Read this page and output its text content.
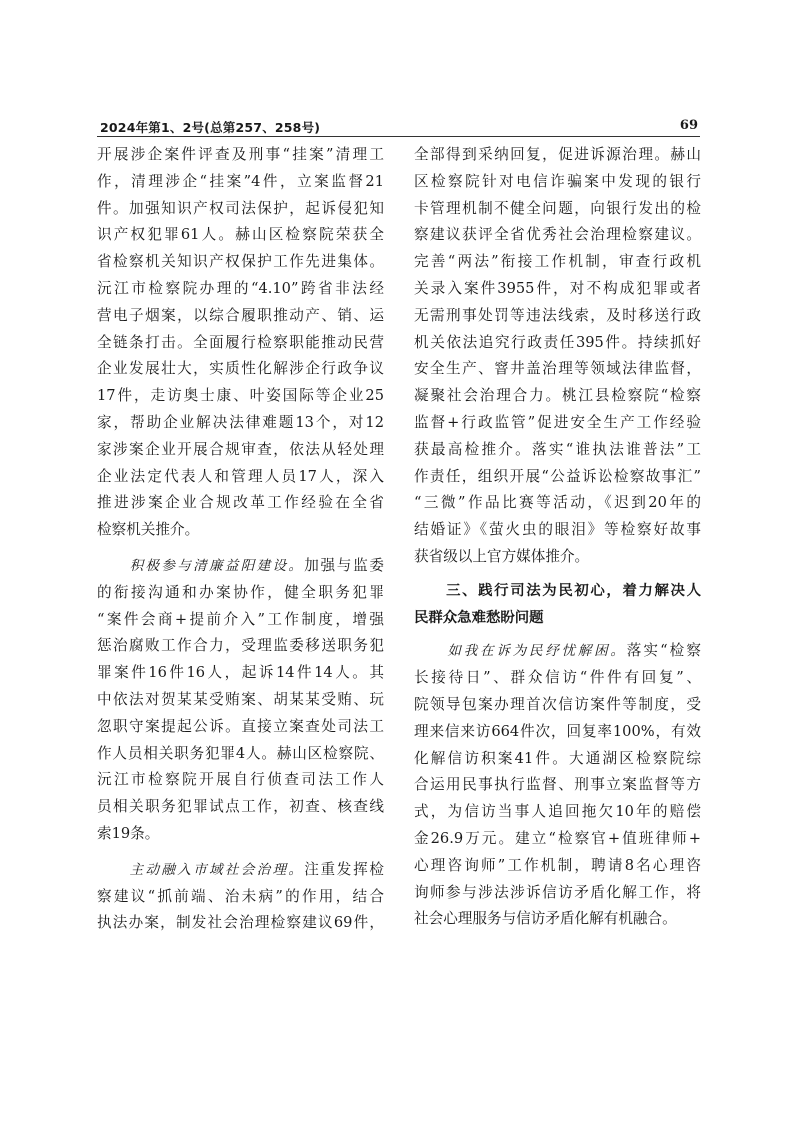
2024年第1、2号(总第257、258号)	69
开展涉企案件评查及刑事“挂案”清理工
作，清理涉企“挂案”4件，立案监督21
件。加强知识产权司法保护，起诉侵犯知
识产权犯罪61人。赫山区检察院荣获全
省检察机关知识产权保护工作先进集体。
沅江市检察院办理的“4.10”跨省非法经
营电子烟案，以综合履职推动产、销、运
全链条打击。全面履行检察职能推动民营
企业发展壮大，实质性化解涉企行政争议
17件，走访奥士康、叶姿国际等企业25
家，帮助企业解决法律难题13个，对12
家涉案企业开展合规审查，依法从轻处理
企业法定代表人和管理人员17人，深入
推进涉案企业合规改革工作经验在全省
检察机关推介。
　　积极参与清廉益阳建设。加强与监委
的衔接沟通和办案协作，健全职务犯罪
“案件会商+提前介入”工作制度，增强
惩治腐败工作合力，受理监委移送职务犯
罪案件16件16人，起诉14件14人。其
中依法对贺某某受贿案、胡某某受贿、玩
忽职守案提起公诉。直接立案查处司法工
作人员相关职务犯罪4人。赫山区检察院、
沅江市检察院开展自行侦查司法工作人
员相关职务犯罪试点工作，初查、核查线
索19条。
　　主动融入市域社会治理。注重发挥检
察建议“抓前端、治未病”的作用，结合
执法办案，制发社会治理检察建议69件，
全部得到采纳回复，促进诉源治理。赫山
区检察院针对电信诈骗案中发现的银行
卡管理机制不健全问题，向银行发出的检
察建议获评全省优秀社会治理检察建议。
完善“两法”衔接工作机制，审查行政机
关录入案件3955件，对不构成犯罪或者
无需刑事处罚等违法线索，及时移送行政
机关依法追究行政责任395件。持续抓好
安全生产、窨井盖治理等领域法律监督，
凝聚社会治理合力。桃江县检察院“检察
监督+行政监管”促进安全生产工作经验
获最高检推介。落实“谁执法谁普法”工
作责任，组织开展“公益诉讼检察故事汇”
“三微”作品比赛等活动，《迟到20年的
结婚证》《萤火虫的眼泪》等检察好故事
获省级以上官方媒体推介。
　　三、践行司法为民初心，着力解决人
民群众急难愁盼问题
　　如我在诉为民纾忧解困。落实“检察
长接待日”、群众信访“件件有回复”、
院领导包案办理首次信访案件等制度，受
理来信来访664件次，回复率100%，有效
化解信访积案41件。大通湖区检察院综
合运用民事执行监督、刑事立案监督等方
式，为信访当事人追回拖欠10年的赔偿
金26.9万元。建立“检察官+值班律师+
心理咨询师”工作机制，聘请8名心理咨
询师参与涉法涉诉信访矛盾化解工作，将
社会心理服务与信访矛盾化解有机融合。
